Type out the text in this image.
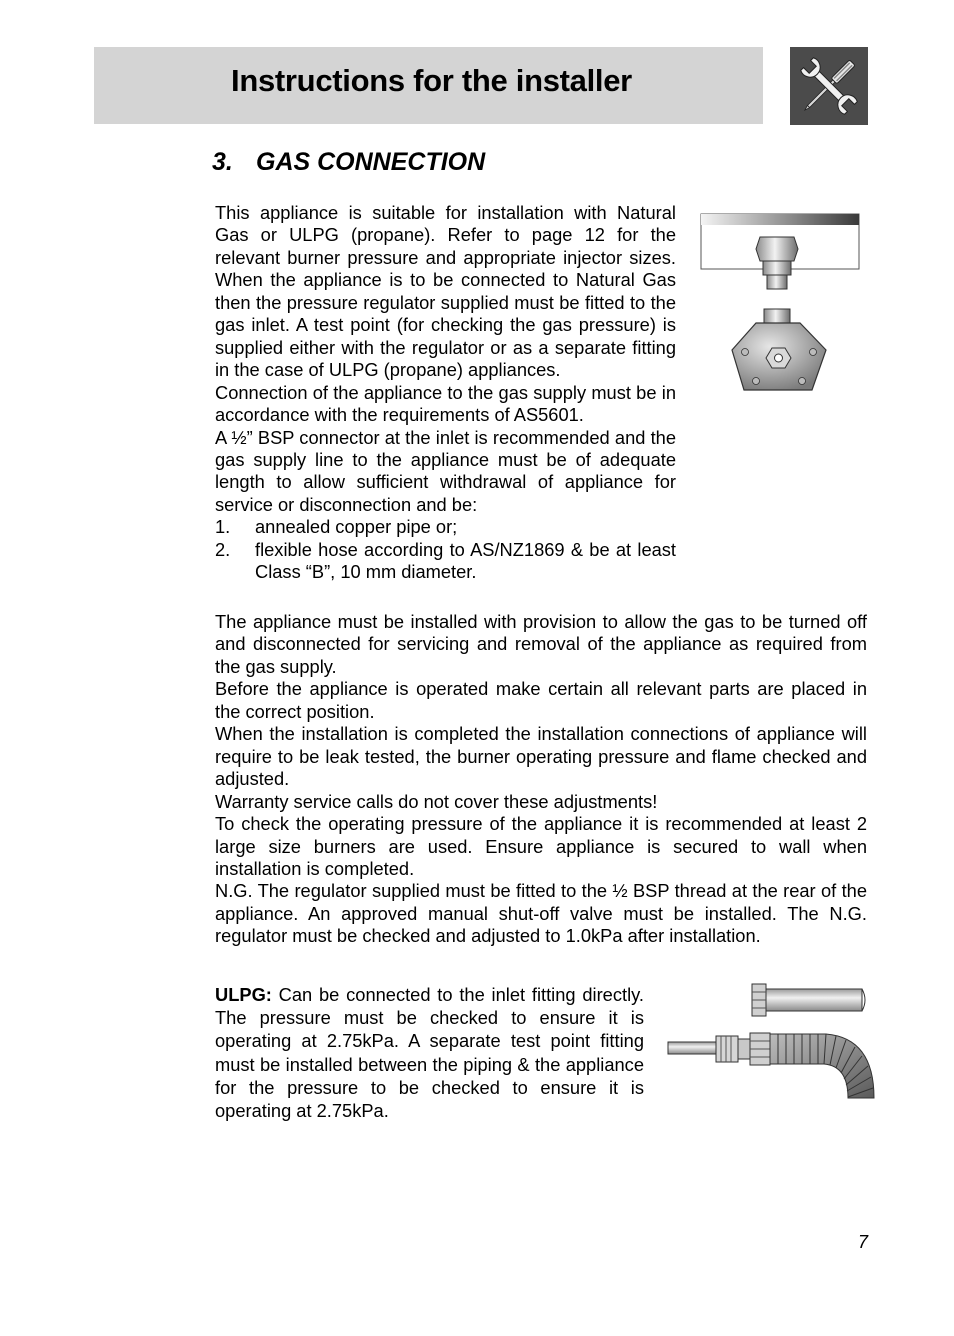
Instructions for the installer
3. GAS CONNECTION

This appliance is suitable for installation with Natural Gas or ULPG (propane). Refer to page 12 for the relevant burner pressure and appropriate injector sizes. When the appliance is to be connected to Natural Gas then the pressure regulator supplied must be fitted to the gas inlet. A test point (for checking the gas pressure) is supplied either with the regulator or as a separate fitting in the case of ULPG (propane) appliances.

Connection of the appliance to the gas supply must be in accordance with the requirements of AS5601.

A ½” BSP connector at the inlet is recommended and the gas supply line to the appliance must be of adequate length to allow sufficient withdrawal of appliance for service or disconnection and be:

1. annealed copper pipe or;
2. flexible hose according to AS/NZ1869 & be at least Class “B”, 10 mm diameter.

The appliance must be installed with provision to allow the gas to be turned off and disconnected for servicing and removal of the appliance as required from the gas supply.

Before the appliance is operated make certain all relevant parts are placed in the correct position.

When the installation is completed the installation connections of appliance will require to be leak tested, the burner operating pressure and flame checked and adjusted.

Warranty service calls do not cover these adjustments!

To check the operating pressure of the appliance it is recommended at least 2 large size burners are used. Ensure appliance is secured to wall when installation is completed.

N.G. The regulator supplied must be fitted to the ½ BSP thread at the rear of the appliance. An approved manual shut-off valve must be installed. The N.G. regulator must be checked and adjusted to 1.0kPa after installation.

ULPG: Can be connected to the inlet fitting directly. The pressure must be checked to ensure it is operating at 2.75kPa. A separate test point fitting must be installed between the piping & the appliance for the pressure to be checked to ensure it is operating at 2.75kPa.

7
